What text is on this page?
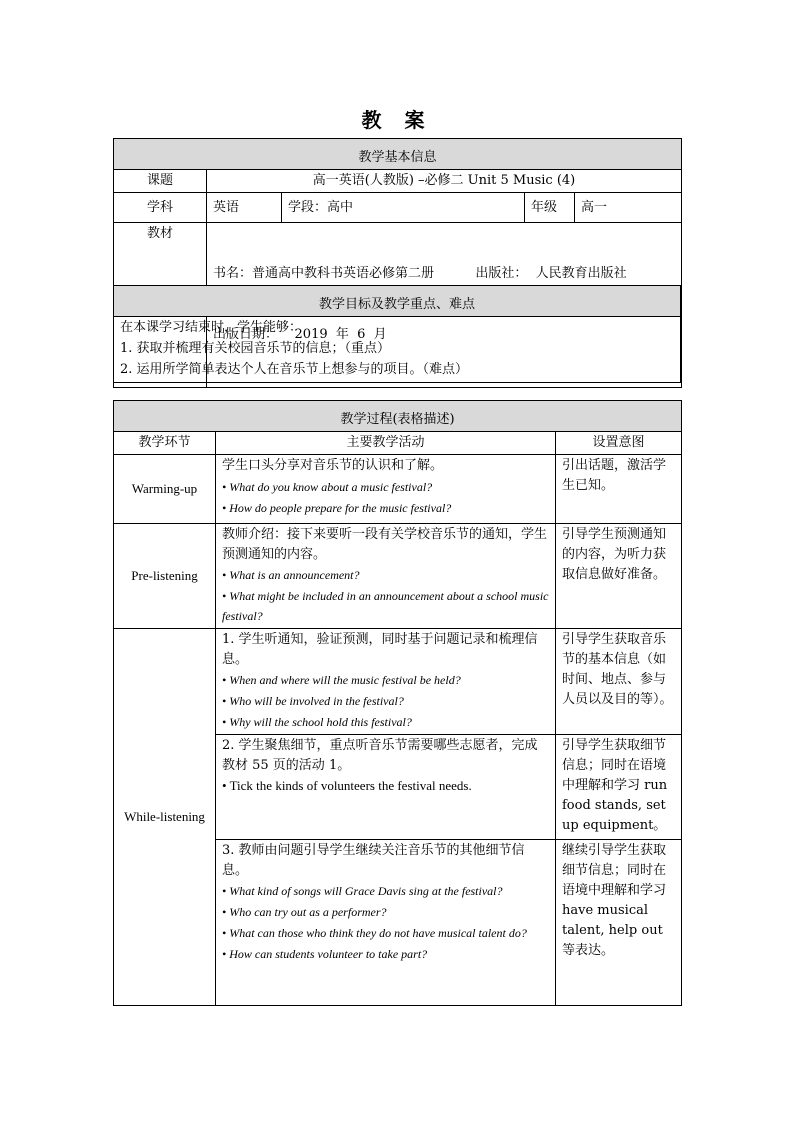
教 案
教学基本信息				
课题	高一英语(人教版) –必修二 Unit 5 Music (4)			
学科	英语	学段：高中	年级	高一
教材	书名：普通高中教科书英语必修第二册          出版社：  人民教育出版社

出版日期：    2019  年  6  月			

教学目标及教学重点、难点

在本课学习结束时，学生能够：
1. 获取并梳理有关校园音乐节的信息；（重点）
2. 运用所学简单表达个人在音乐节上想参与的项目。（难点）
教学过程(表格描述)		
教学环节	主要教学活动	设置意图
Warming-up	学生口头分享对音乐节的认识和了解。
• What do you know about a music festival?
• How do people prepare for the music festival?	引出话题，激活学生已知。
Pre-listening	教师介绍：接下来要听一段有关学校音乐节的通知，学生预测通知的内容。
• What is an announcement?
• What might be included in an announcement about a school music festival?	引导学生预测通知的内容，为听力获取信息做好准备。
While-listening	1. 学生听通知，验证预测，同时基于问题记录和梳理信息。
• When and where will the music festival be held?
• Who will be involved in the festival?
• Why will the school hold this festival?	引导学生获取音乐节的基本信息（如时间、地点、参与人员以及目的等）。

	2. 学生聚焦细节，重点听音乐节需要哪些志愿者，完成教材 55 页的活动 1。
• Tick the kinds of volunteers the festival needs.	引导学生获取细节信息；同时在语境中理解和学习 run food stands, set up equipment。

	3. 教师由问题引导学生继续关注音乐节的其他细节信息。
• What kind of songs will Grace Davis sing at the festival?
• Who can try out as a performer?
• What can those who think they do not have musical talent do?
• How can students volunteer to take part?	继续引导学生获取细节信息；同时在语境中理解和学习 have musical talent, help out 等表达。
